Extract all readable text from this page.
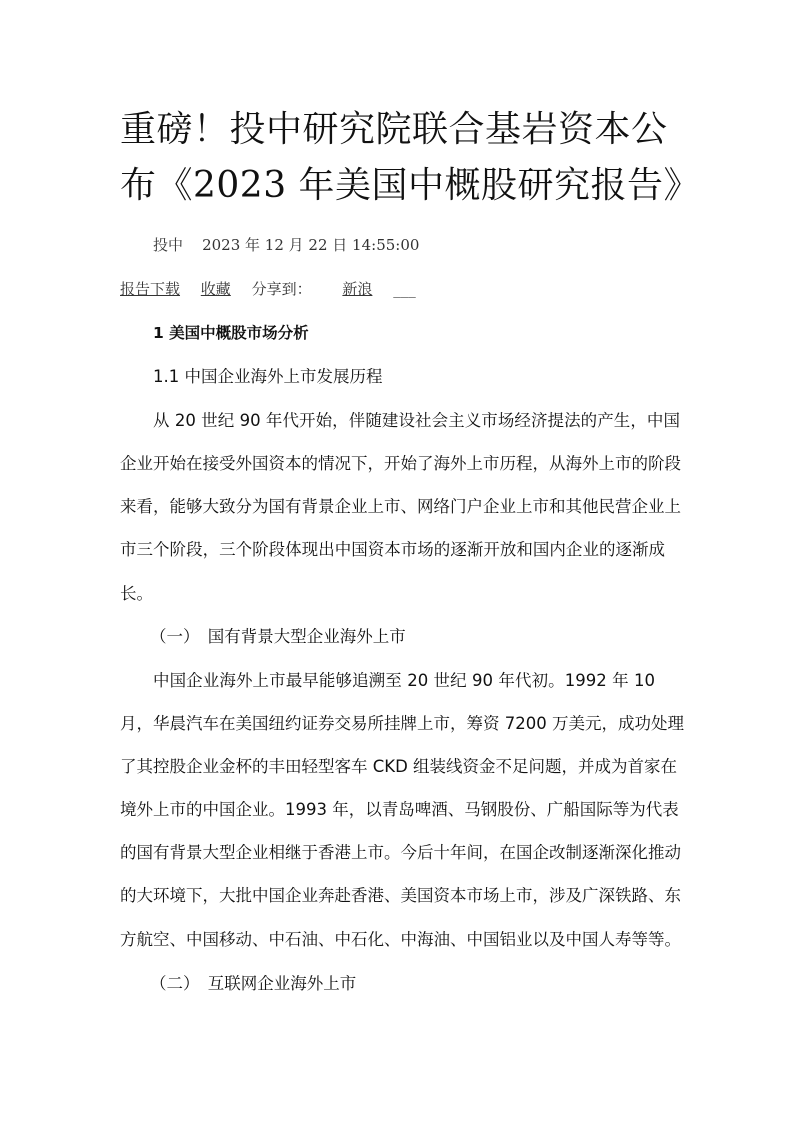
重磅！投中研究院联合基岩资本公
布《2023 年美国中概股研究报告》
投中 2023 年 12 月 22 日 14:55:00
报告下载 收藏 分享到： 新浪 ___
1 美国中概股市场分析
1.1 中国企业海外上市发展历程
从 20 世纪 90 年代开始，伴随建设社会主义市场经济提法的产生，中国
企业开始在接受外国资本的情况下，开始了海外上市历程，从海外上市的阶段
来看，能够大致分为国有背景企业上市、网络门户企业上市和其他民营企业上
市三个阶段，三个阶段体现出中国资本市场的逐渐开放和国内企业的逐渐成
长。
（一）　国有背景大型企业海外上市
中国企业海外上市最早能够追溯至 20 世纪 90 年代初。1992 年 10
月，华晨汽车在美国纽约证券交易所挂牌上市，筹资 7200 万美元，成功处理
了其控股企业金杯的丰田轻型客车 CKD 组装线资金不足问题，并成为首家在
境外上市的中国企业。1993 年，以青岛啤酒、马钢股份、广船国际等为代表
的国有背景大型企业相继于香港上市。今后十年间，在国企改制逐渐深化推动
的大环境下，大批中国企业奔赴香港、美国资本市场上市，涉及广深铁路、东
方航空、中国移动、中石油、中石化、中海油、中国铝业以及中国人寿等等。
（二）　互联网企业海外上市
